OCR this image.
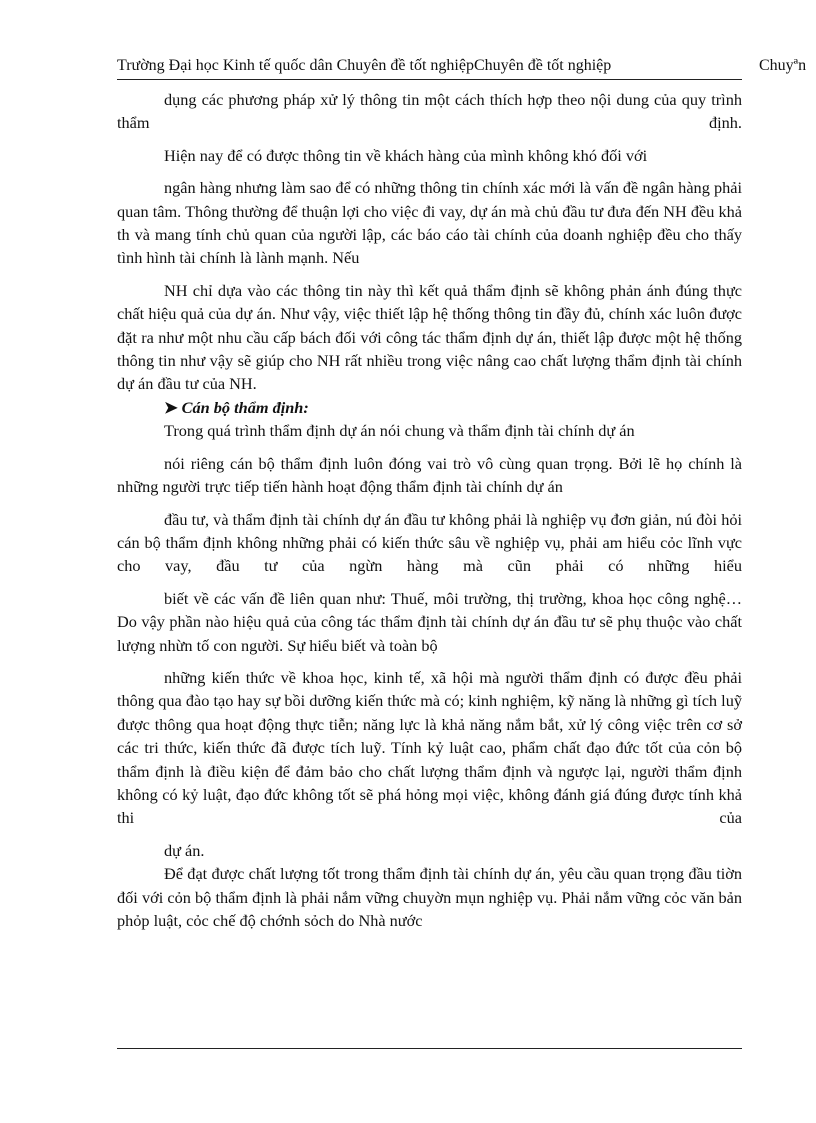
Trường Đại học Kinh tế quốc dân Chuyên đề tốt nghiệpChuyên đề tốt nghiệp	Chuyªn

dụng các phương pháp xử lý thông tin một cách thích hợp theo nội dung của quy trình thẩm định.

Hiện nay để có được thông tin về khách hàng của mình không khó đối với

ngân hàng nhưng làm sao để có những thông tin chính xác mới là vấn đề ngân hàng phải quan tâm. Thông thường để thuận lợi cho việc đi vay, dự án mà chủ đầu tư đưa đến NH đều khả th và mang tính chủ quan của người lập, các báo cáo tài chính của doanh nghiệp đều cho thấy tình hình tài chính là lành mạnh. Nếu

NH chỉ dựa vào các thông tin này thì kết quả thẩm định sẽ không phản ánh đúng thực chất hiệu quả của dự án. Như vậy, việc thiết lập hệ thống thông tin đầy đủ, chính xác luôn được đặt ra như một nhu cầu cấp bách đối với công tác thẩm định dự án, thiết lập được một hệ thống thông tin như vậy sẽ giúp cho NH rất nhiều trong việc nâng cao chất lượng thẩm định tài chính dự án đầu tư của NH.

➤ Cán bộ thẩm định:

Trong quá trình thẩm định dự án nói chung và thẩm định tài chính dự án

nói riêng cán bộ thẩm định luôn đóng vai trò vô cùng quan trọng. Bởi lẽ họ chính là những người trực tiếp tiến hành hoạt động thẩm định tài chính dự án

đầu tư, và thẩm định tài chính dự án đầu tư không phải là nghiệp vụ đơn giản, nú đòi hỏi cán bộ thẩm định không những phải có kiến thức sâu về nghiệp vụ, phải am hiểu cỏc lĩnh vực cho vay, đầu tư của ngừn hàng mà cũn phải có những hiểu

biết về các vấn đề liên quan như: Thuế, môi trường, thị trường, khoa học công nghệ… Do vậy phần nào hiệu quả của công tác thẩm định tài chính dự án đầu tư sẽ phụ thuộc vào chất lượng nhừn tố con người. Sự hiểu biết và toàn bộ

những kiến thức về khoa học, kinh tế, xã hội mà người thẩm định có được đều phải thông qua đào tạo hay sự bồi dưỡng kiến thức mà có; kinh nghiệm, kỹ năng là những gì tích luỹ được thông qua hoạt động thực tiễn; năng lực là khả năng nắm bắt, xử lý công việc trên cơ sở các tri thức, kiến thức đã được tích luỹ. Tính kỷ luật cao, phẩm chất đạo đức tốt của cỏn bộ thẩm định là điều kiện để đảm bảo cho chất lượng thẩm định và ngược lại, người thẩm định không có kỷ luật, đạo đức không tốt sẽ phá hỏng mọi việc, không đánh giá đúng được tính khả thi của

dự án.

Để đạt được chất lượng tốt trong thẩm định tài chính dự án, yêu cầu quan trọng đầu tiờn đối với cỏn bộ thẩm định là phải nắm vững chuyờn mụn nghiệp vụ. Phải nắm vững cỏc văn bản phỏp luật, cỏc chế độ chớnh sỏch do Nhà nước
